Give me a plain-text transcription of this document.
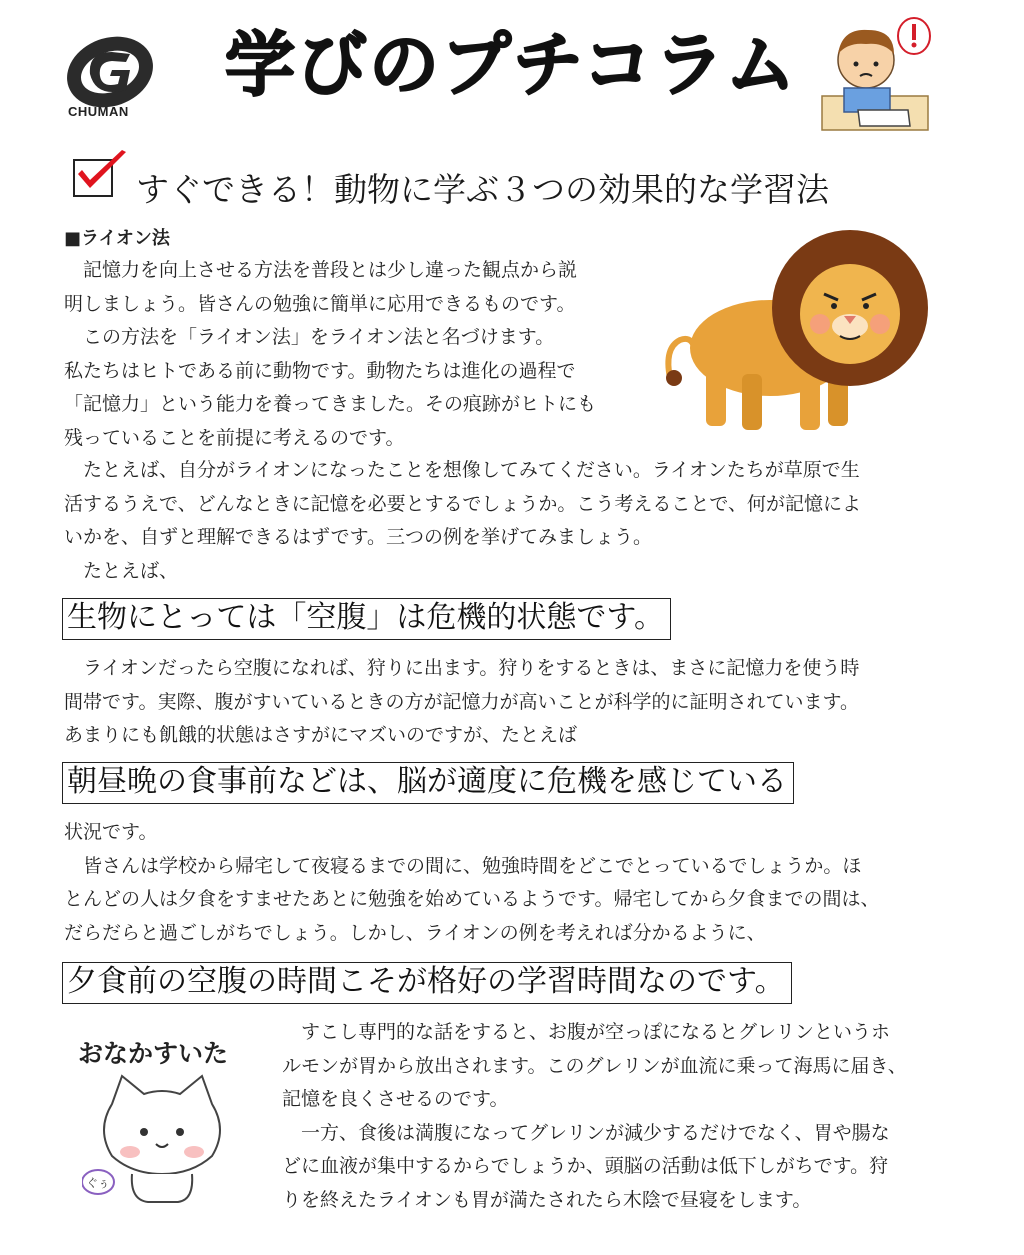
CHUMAN
学びのプチコラム
すぐできる！動物に学ぶ３つの効果的な学習法
■ライオン法
　記憶力を向上させる方法を普段とは少し違った観点から説
明しましょう。皆さんの勉強に簡単に応用できるものです。
　この方法を「ライオン法」をライオン法と名づけます。
私たちはヒトである前に動物です。動物たちは進化の過程で
「記憶力」という能力を養ってきました。その痕跡がヒトにも
残っていることを前提に考えるのです。
　たとえば、自分がライオンになったことを想像してみてください。ライオンたちが草原で生
活するうえで、どんなときに記憶を必要とするでしょうか。こう考えることで、何が記憶によ
いかを、自ずと理解できるはずです。三つの例を挙げてみましょう。
　たとえば、
生物にとっては「空腹」は危機的状態です。
　ライオンだったら空腹になれば、狩りに出ます。狩りをするときは、まさに記憶力を使う時
間帯です。実際、腹がすいているときの方が記憶力が高いことが科学的に証明されています。
あまりにも飢餓的状態はさすがにマズいのですが、たとえば
朝昼晩の食事前などは、脳が適度に危機を感じている
状況です。
　皆さんは学校から帰宅して夜寝るまでの間に、勉強時間をどこでとっているでしょうか。ほ
とんどの人は夕食をすませたあとに勉強を始めているようです。帰宅してから夕食までの間は、
だらだらと過ごしがちでしょう。しかし、ライオンの例を考えれば分かるように、
夕食前の空腹の時間こそが格好の学習時間なのです。
おなかすいた
ぐぅ
　すこし専門的な話をすると、お腹が空っぽになるとグレリンというホ
ルモンが胃から放出されます。このグレリンが血流に乗って海馬に届き、
記憶を良くさせるのです。
　一方、食後は満腹になってグレリンが減少するだけでなく、胃や腸な
どに血液が集中するからでしょうか、頭脳の活動は低下しがちです。狩
りを終えたライオンも胃が満たされたら木陰で昼寝をします。
